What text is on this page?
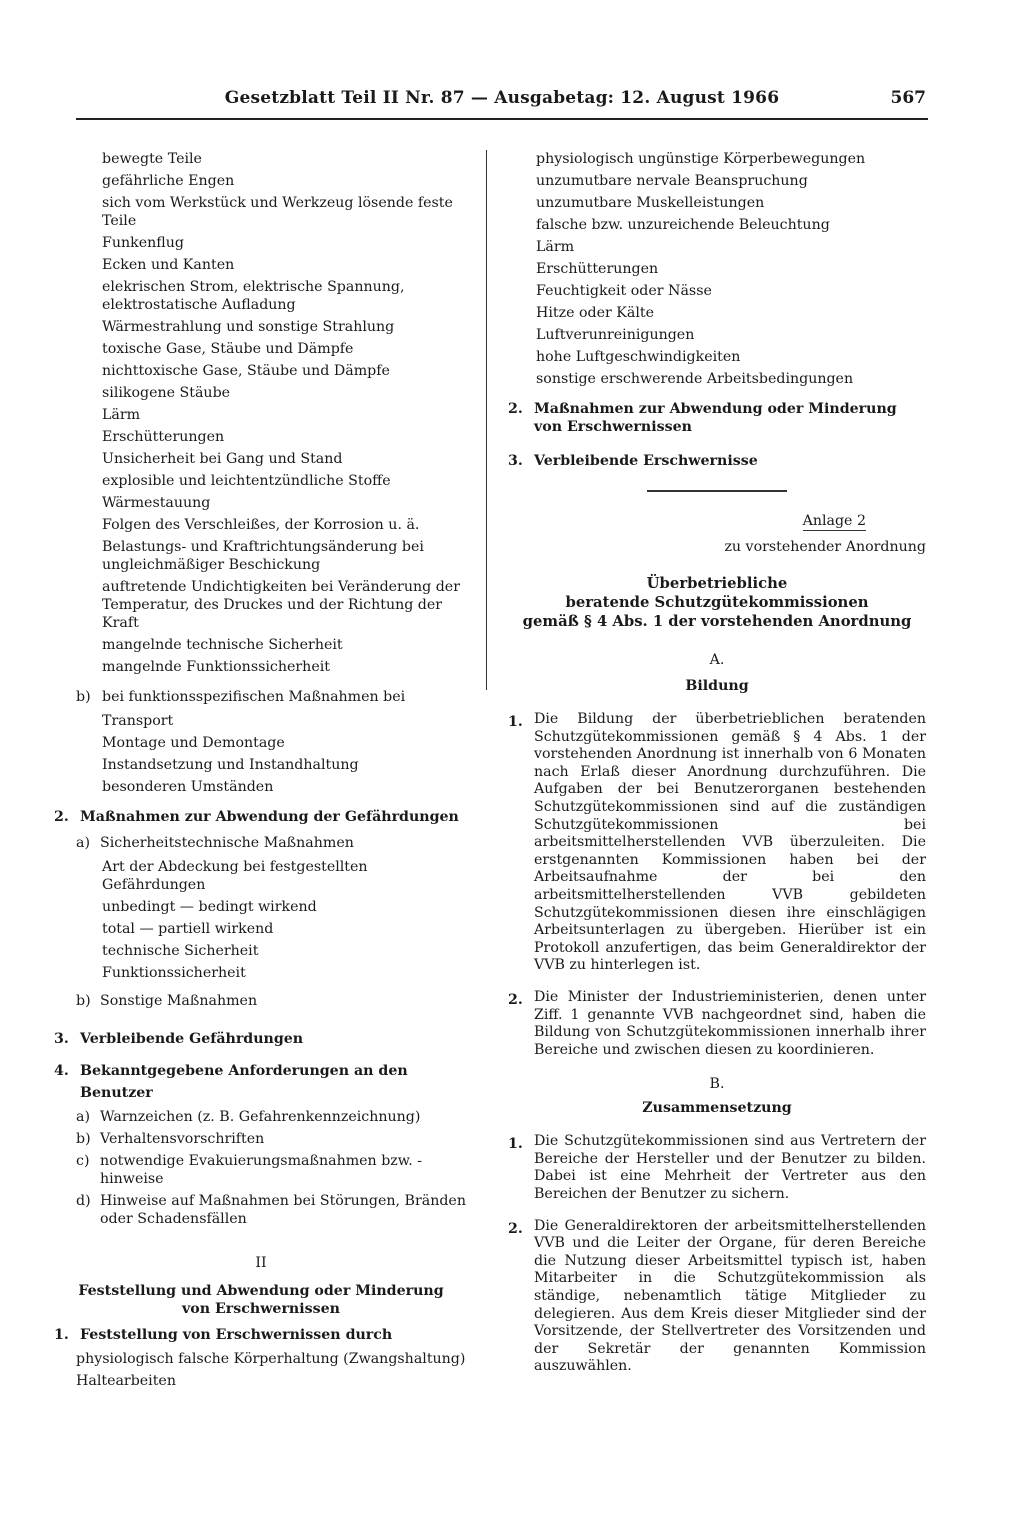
Gesetzblatt Teil II Nr. 87 — Ausgabetag: 12. August 1966	567
bewegte Teile
gefährliche Engen
sich vom Werkstück und Werkzeug lösende feste Teile
Funkenflug
Ecken und Kanten
elekrischen Strom, elektrische Spannung, elektrostatische Aufladung
Wärmestrahlung und sonstige Strahlung
toxische Gase, Stäube und Dämpfe
nichttoxische Gase, Stäube und Dämpfe
silikogene Stäube
Lärm
Erschütterungen
Unsicherheit bei Gang und Stand
explosible und leichtentzündliche Stoffe
Wärmestauung
Folgen des Verschleißes, der Korrosion u. ä.
Belastungs- und Kraftrichtungsänderung bei ungleichmäßiger Beschickung
auftretende Undichtigkeiten bei Veränderung der Temperatur, des Druckes und der Richtung der Kraft
mangelnde technische Sicherheit
mangelnde Funktionssicherheit
b) bei funktionsspezifischen Maßnahmen bei
Transport
Montage und Demontage
Instandsetzung und Instandhaltung
besonderen Umständen
2. Maßnahmen zur Abwendung der Gefährdungen
a) Sicherheitstechnische Maßnahmen
Art der Abdeckung bei festgestellten Gefährdungen
unbedingt — bedingt wirkend
total — partiell wirkend
technische Sicherheit
Funktionssicherheit
b) Sonstige Maßnahmen
3. Verbleibende Gefährdungen
4. Bekanntgegebene Anforderungen an den Benutzer
a) Warnzeichen (z. B. Gefahrenkennzeichnung)
b) Verhaltensvorschriften
c) notwendige Evakuierungsmaßnahmen bzw. -hinweise
d) Hinweise auf Maßnahmen bei Störungen, Bränden oder Schadensfällen
II
Feststellung und Abwendung oder Minderung
von Erschwernissen
1. Feststellung von Erschwernissen durch
physiologisch falsche Körperhaltung (Zwangshaltung)
Haltearbeiten
physiologisch ungünstige Körperbewegungen
unzumutbare nervale Beanspruchung
unzumutbare Muskelleistungen
falsche bzw. unzureichende Beleuchtung
Lärm
Erschütterungen
Feuchtigkeit oder Nässe
Hitze oder Kälte
Luftverunreinigungen
hohe Luftgeschwindigkeiten
sonstige erschwerende Arbeitsbedingungen
2. Maßnahmen zur Abwendung oder Minderung von Erschwernissen
3. Verbleibende Erschwernisse
Anlage 2
zu vorstehender Anordnung
Überbetriebliche
beratende Schutzgütekommissionen
gemäß § 4 Abs. 1 der vorstehenden Anordnung
A.
Bildung
1. Die Bildung der überbetrieblichen beratenden Schutzgütekommissionen gemäß § 4 Abs. 1 der vorstehenden Anordnung ist innerhalb von 6 Monaten nach Erlaß dieser Anordnung durchzuführen. Die Aufgaben der bei Benutzerorganen bestehenden Schutzgütekommissionen sind auf die zuständigen Schutzgütekommissionen bei arbeitsmittelherstellenden VVB überzuleiten. Die erstgenannten Kommissionen haben bei der Arbeitsaufnahme der bei den arbeitsmittelherstellenden VVB gebildeten Schutzgütekommissionen diesen ihre einschlägigen Arbeitsunterlagen zu übergeben. Hierüber ist ein Protokoll anzufertigen, das beim Generaldirektor der VVB zu hinterlegen ist.
2. Die Minister der Industrieministerien, denen unter Ziff. 1 genannte VVB nachgeordnet sind, haben die Bildung von Schutzgütekommissionen innerhalb ihrer Bereiche und zwischen diesen zu koordinieren.
B.
Zusammensetzung
1. Die Schutzgütekommissionen sind aus Vertretern der Bereiche der Hersteller und der Benutzer zu bilden. Dabei ist eine Mehrheit der Vertreter aus den Bereichen der Benutzer zu sichern.
2. Die Generaldirektoren der arbeitsmittelherstellenden VVB und die Leiter der Organe, für deren Bereiche die Nutzung dieser Arbeitsmittel typisch ist, haben Mitarbeiter in die Schutzgütekommission als ständige, nebenamtlich tätige Mitglieder zu delegieren. Aus dem Kreis dieser Mitglieder sind der Vorsitzende, der Stellvertreter des Vorsitzenden und der Sekretär der genannten Kommission auszuwählen.
